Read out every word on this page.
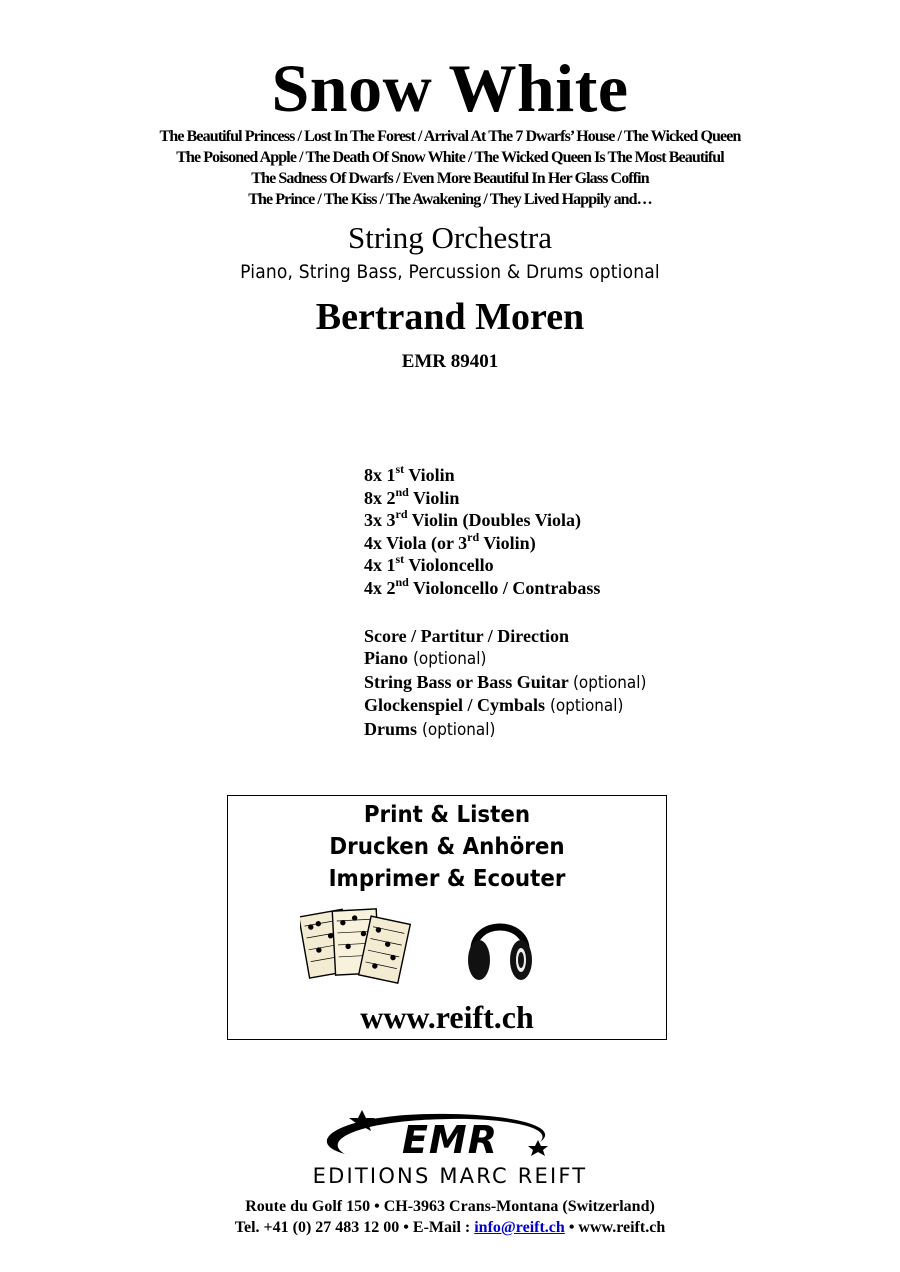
Snow White
The Beautiful Princess / Lost In The Forest / Arrival At The 7 Dwarfs’ House / The Wicked Queen
The Poisoned Apple / The Death Of Snow White / The Wicked Queen Is The Most Beautiful
The Sadness Of Dwarfs / Even More Beautiful In Her Glass Coffin
The Prince / The Kiss / The Awakening / They Lived Happily and…
String Orchestra
Piano, String Bass, Percussion & Drums optional
Bertrand Moren
EMR 89401
8x 1st Violin
8x 2nd Violin
3x 3rd Violin (Doubles Viola)
4x Viola (or 3rd Violin)
4x 1st Violoncello
4x 2nd Violoncello / Contrabass
Score / Partitur / Direction
Piano (optional)
String Bass or Bass Guitar (optional)
Glockenspiel / Cymbals (optional)
Drums (optional)
Print & Listen
Drucken & Anhören
Imprimer & Ecouter
www.reift.ch
EMR
EDITIONS MARC REIFT
Route du Golf 150 • CH-3963 Crans-Montana (Switzerland)
Tel. +41 (0) 27 483 12 00 • E-Mail : info@reift.ch • www.reift.ch
